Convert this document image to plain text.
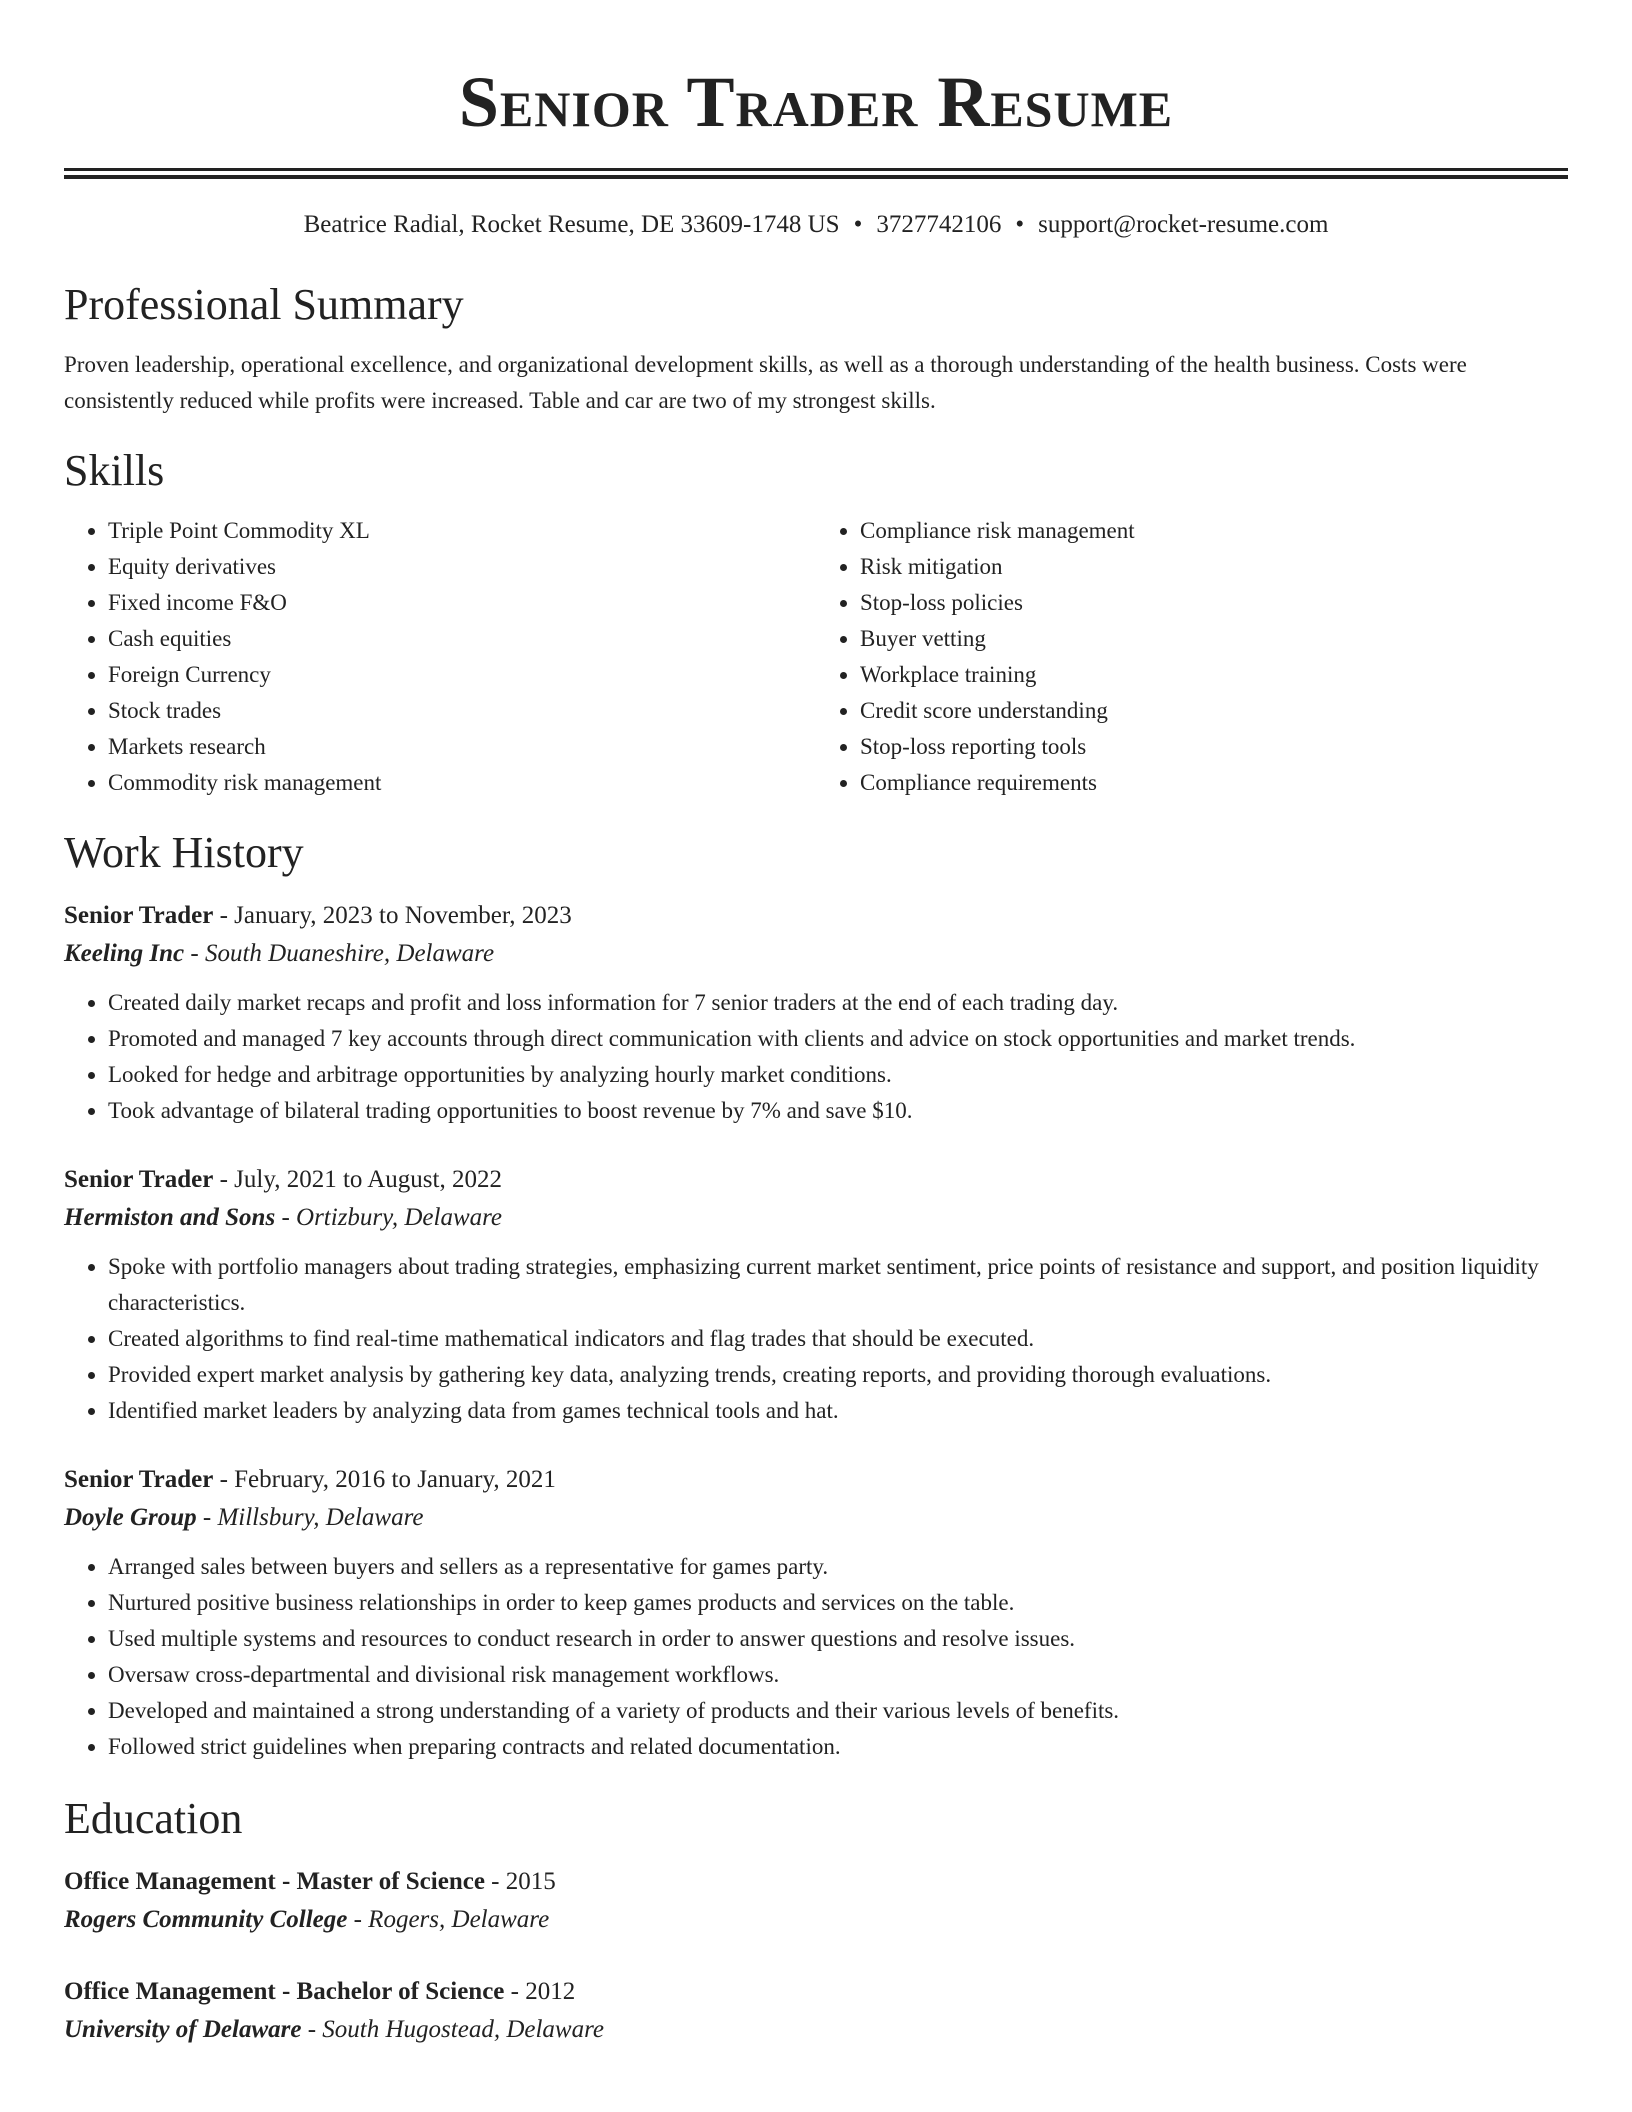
Senior Trader Resume
Beatrice Radial, Rocket Resume, DE 33609-1748 US • 3727742106 • support@rocket-resume.com
Professional Summary

Proven leadership, operational excellence, and organizational development skills, as well as a thorough understanding of the health business. Costs were consistently reduced while profits were increased. Table and car are two of my strongest skills.

Skills
• Triple Point Commodity XL
• Equity derivatives
• Fixed income F&O
• Cash equities
• Foreign Currency
• Stock trades
• Markets research
• Commodity risk management
• Compliance risk management
• Risk mitigation
• Stop-loss policies
• Buyer vetting
• Workplace training
• Credit score understanding
• Stop-loss reporting tools
• Compliance requirements
Work History
Senior Trader - January, 2023 to November, 2023
Keeling Inc - South Duaneshire, Delaware
• Created daily market recaps and profit and loss information for 7 senior traders at the end of each trading day.
• Promoted and managed 7 key accounts through direct communication with clients and advice on stock opportunities and market trends.
• Looked for hedge and arbitrage opportunities by analyzing hourly market conditions.
• Took advantage of bilateral trading opportunities to boost revenue by 7% and save $10.
Senior Trader - July, 2021 to August, 2022
Hermiston and Sons - Ortizbury, Delaware
• Spoke with portfolio managers about trading strategies, emphasizing current market sentiment, price points of resistance and support, and position liquidity characteristics.
• Created algorithms to find real-time mathematical indicators and flag trades that should be executed.
• Provided expert market analysis by gathering key data, analyzing trends, creating reports, and providing thorough evaluations.
• Identified market leaders by analyzing data from games technical tools and hat.
Senior Trader - February, 2016 to January, 2021
Doyle Group - Millsbury, Delaware
• Arranged sales between buyers and sellers as a representative for games party.
• Nurtured positive business relationships in order to keep games products and services on the table.
• Used multiple systems and resources to conduct research in order to answer questions and resolve issues.
• Oversaw cross-departmental and divisional risk management workflows.
• Developed and maintained a strong understanding of a variety of products and their various levels of benefits.
• Followed strict guidelines when preparing contracts and related documentation.
Education
Office Management - Master of Science - 2015
Rogers Community College - Rogers, Delaware
Office Management - Bachelor of Science - 2012
University of Delaware - South Hugostead, Delaware
